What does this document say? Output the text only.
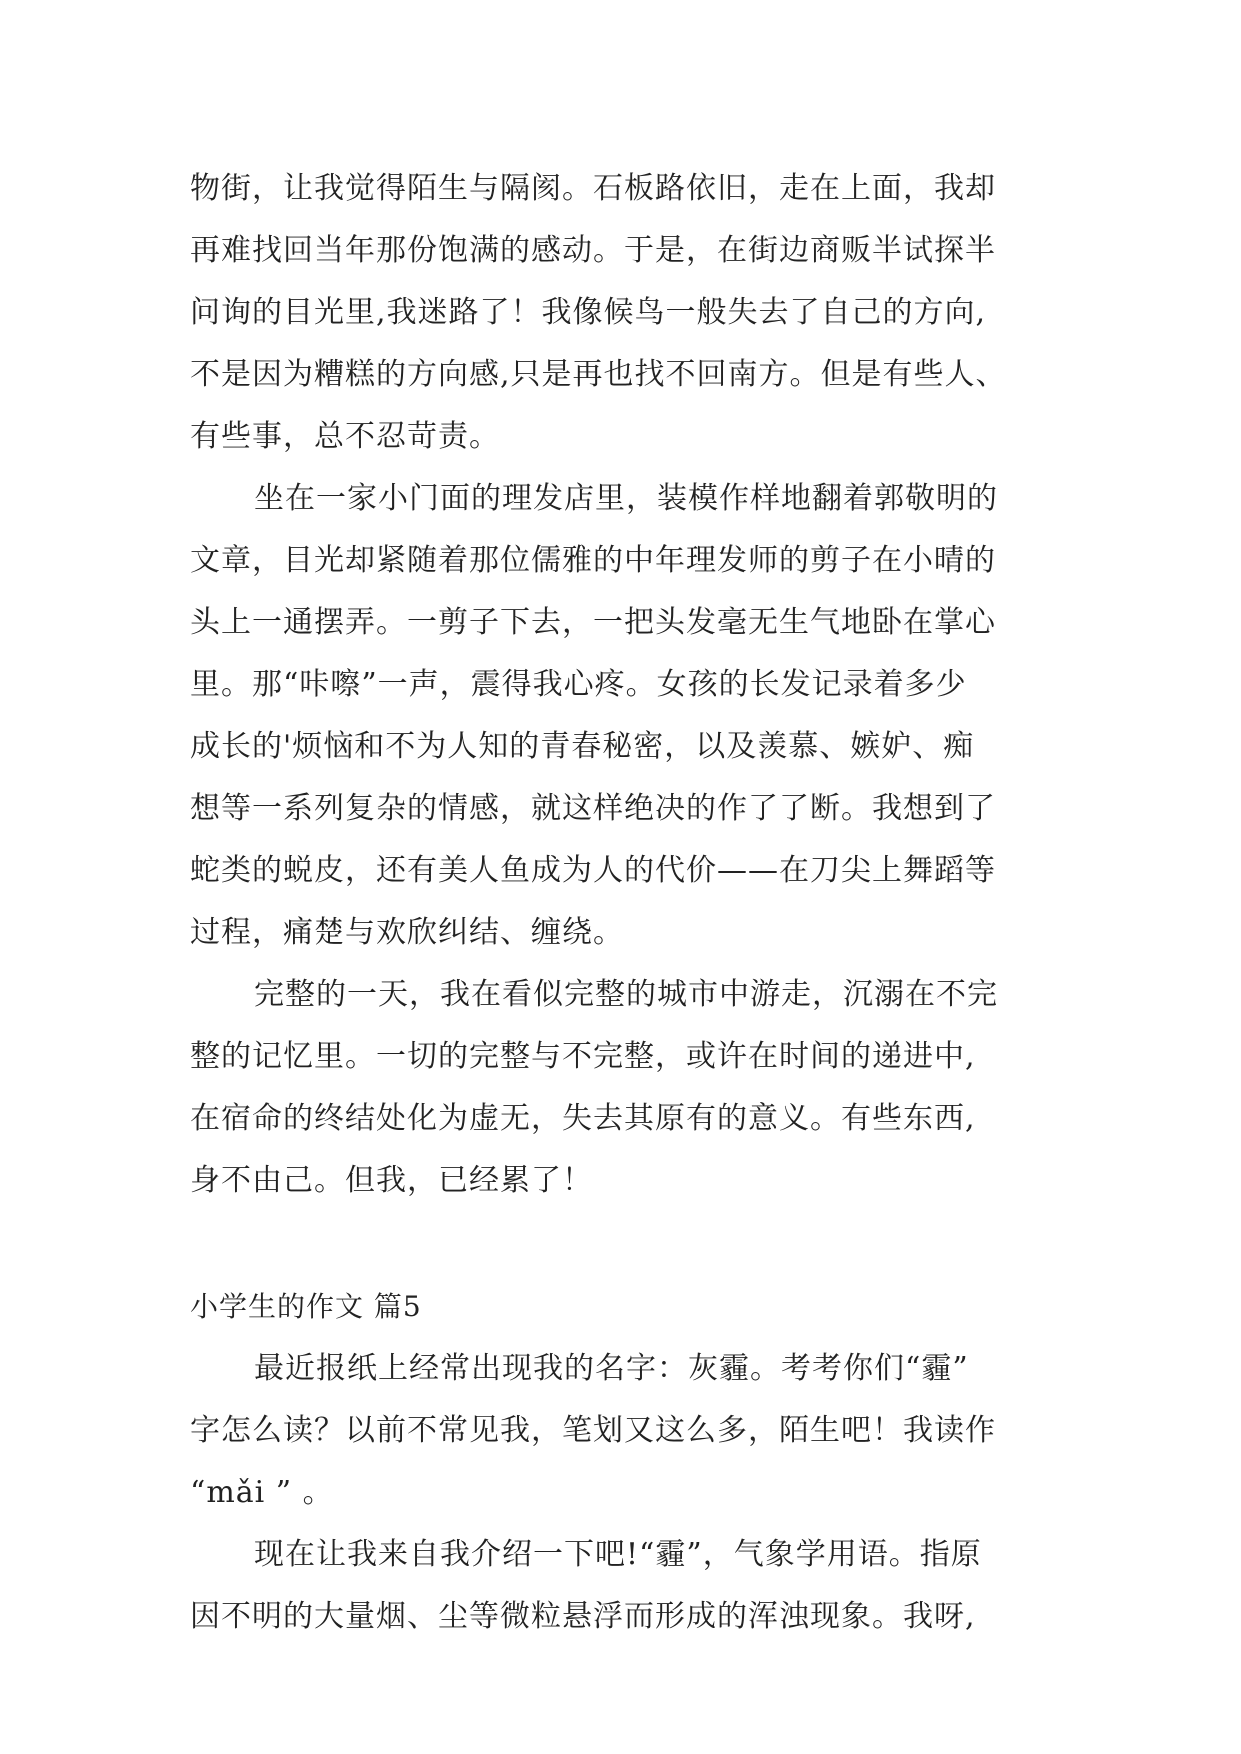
物街，让我觉得陌生与隔阂。石板路依旧，走在上面，我却
再难找回当年那份饱满的感动。于是，在街边商贩半试探半
问询的目光里,我迷路了！我像候鸟一般失去了自己的方向,
不是因为糟糕的方向感,只是再也找不回南方。但是有些人、
有些事，总不忍苛责。
坐在一家小门面的理发店里，装模作样地翻着郭敬明的
文章，目光却紧随着那位儒雅的中年理发师的剪子在小晴的
头上一通摆弄。一剪子下去，一把头发毫无生气地卧在掌心
里。那“咔嚓”一声，震得我心疼。女孩的长发记录着多少
成长的'烦恼和不为人知的青春秘密，以及羡慕、嫉妒、痴
想等一系列复杂的情感，就这样绝决的作了了断。我想到了
蛇类的蜕皮，还有美人鱼成为人的代价——在刀尖上舞蹈等
过程，痛楚与欢欣纠结、缠绕。
完整的一天，我在看似完整的城市中游走，沉溺在不完
整的记忆里。一切的完整与不完整，或许在时间的递进中,
在宿命的终结处化为虚无，失去其原有的意义。有些东西,
身不由己。但我，已经累了！
小学生的作文 篇5
最近报纸上经常出现我的名字：灰霾。考考你们“霾”
字怎么读？以前不常见我，笔划又这么多，陌生吧！我读作
“mǎi ” 。
现在让我来自我介绍一下吧!“霾”，气象学用语。指原
因不明的大量烟、尘等微粒悬浮而形成的浑浊现象。我呀,
